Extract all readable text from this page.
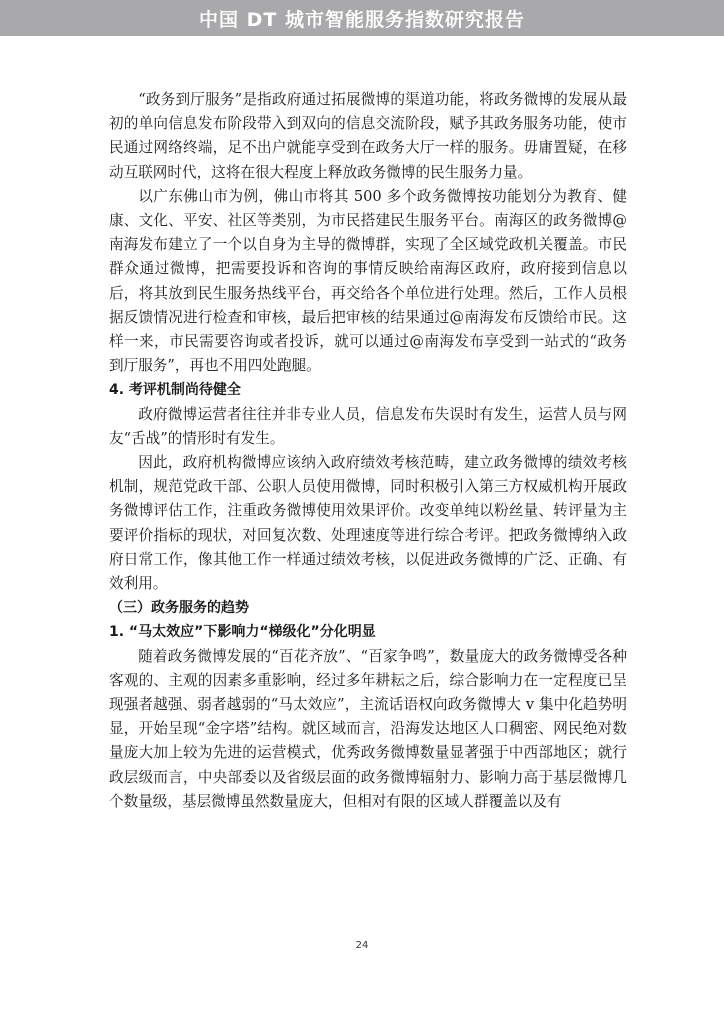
中国 DT 城市智能服务指数研究报告

“政务到厅服务”是指政府通过拓展微博的渠道功能，将政务微博的发展从最初的单向信息发布阶段带入到双向的信息交流阶段，赋予其政务服务功能，使市民通过网络终端，足不出户就能享受到在政务大厅一样的服务。毋庸置疑，在移动互联网时代，这将在很大程度上释放政务微博的民生服务力量。

以广东佛山市为例，佛山市将其 500 多个政务微博按功能划分为教育、健康、文化、平安、社区等类别，为市民搭建民生服务平台。南海区的政务微博@南海发布建立了一个以自身为主导的微博群，实现了全区域党政机关覆盖。市民群众通过微博，把需要投诉和咨询的事情反映给南海区政府，政府接到信息以后，将其放到民生服务热线平台，再交给各个单位进行处理。然后，工作人员根据反馈情况进行检查和审核，最后把审核的结果通过@南海发布反馈给市民。这样一来，市民需要咨询或者投诉，就可以通过@南海发布享受到一站式的“政务到厅服务”，再也不用四处跑腿。

4. 考评机制尚待健全

政府微博运营者往往并非专业人员，信息发布失误时有发生，运营人员与网友“舌战”的情形时有发生。

因此，政府机构微博应该纳入政府绩效考核范畴，建立政务微博的绩效考核机制，规范党政干部、公职人员使用微博，同时积极引入第三方权威机构开展政务微博评估工作，注重政务微博使用效果评价。改变单纯以粉丝量、转评量为主要评价指标的现状，对回复次数、处理速度等进行综合考评。把政务微博纳入政府日常工作，像其他工作一样通过绩效考核，以促进政务微博的广泛、正确、有效利用。

（三）政务服务的趋势

1. “马太效应”下影响力“梯级化”分化明显

随着政务微博发展的“百花齐放”、“百家争鸣”，数量庞大的政务微博受各种客观的、主观的因素多重影响，经过多年耕耘之后，综合影响力在一定程度已呈现强者越强、弱者越弱的“马太效应”，主流话语权向政务微博大 v 集中化趋势明显，开始呈现“金字塔”结构。就区域而言，沿海发达地区人口稠密、网民绝对数量庞大加上较为先进的运营模式，优秀政务微博数量显著强于中西部地区；就行政层级而言，中央部委以及省级层面的政务微博辐射力、影响力高于基层微博几个数量级，基层微博虽然数量庞大，但相对有限的区域人群覆盖以及有

24
